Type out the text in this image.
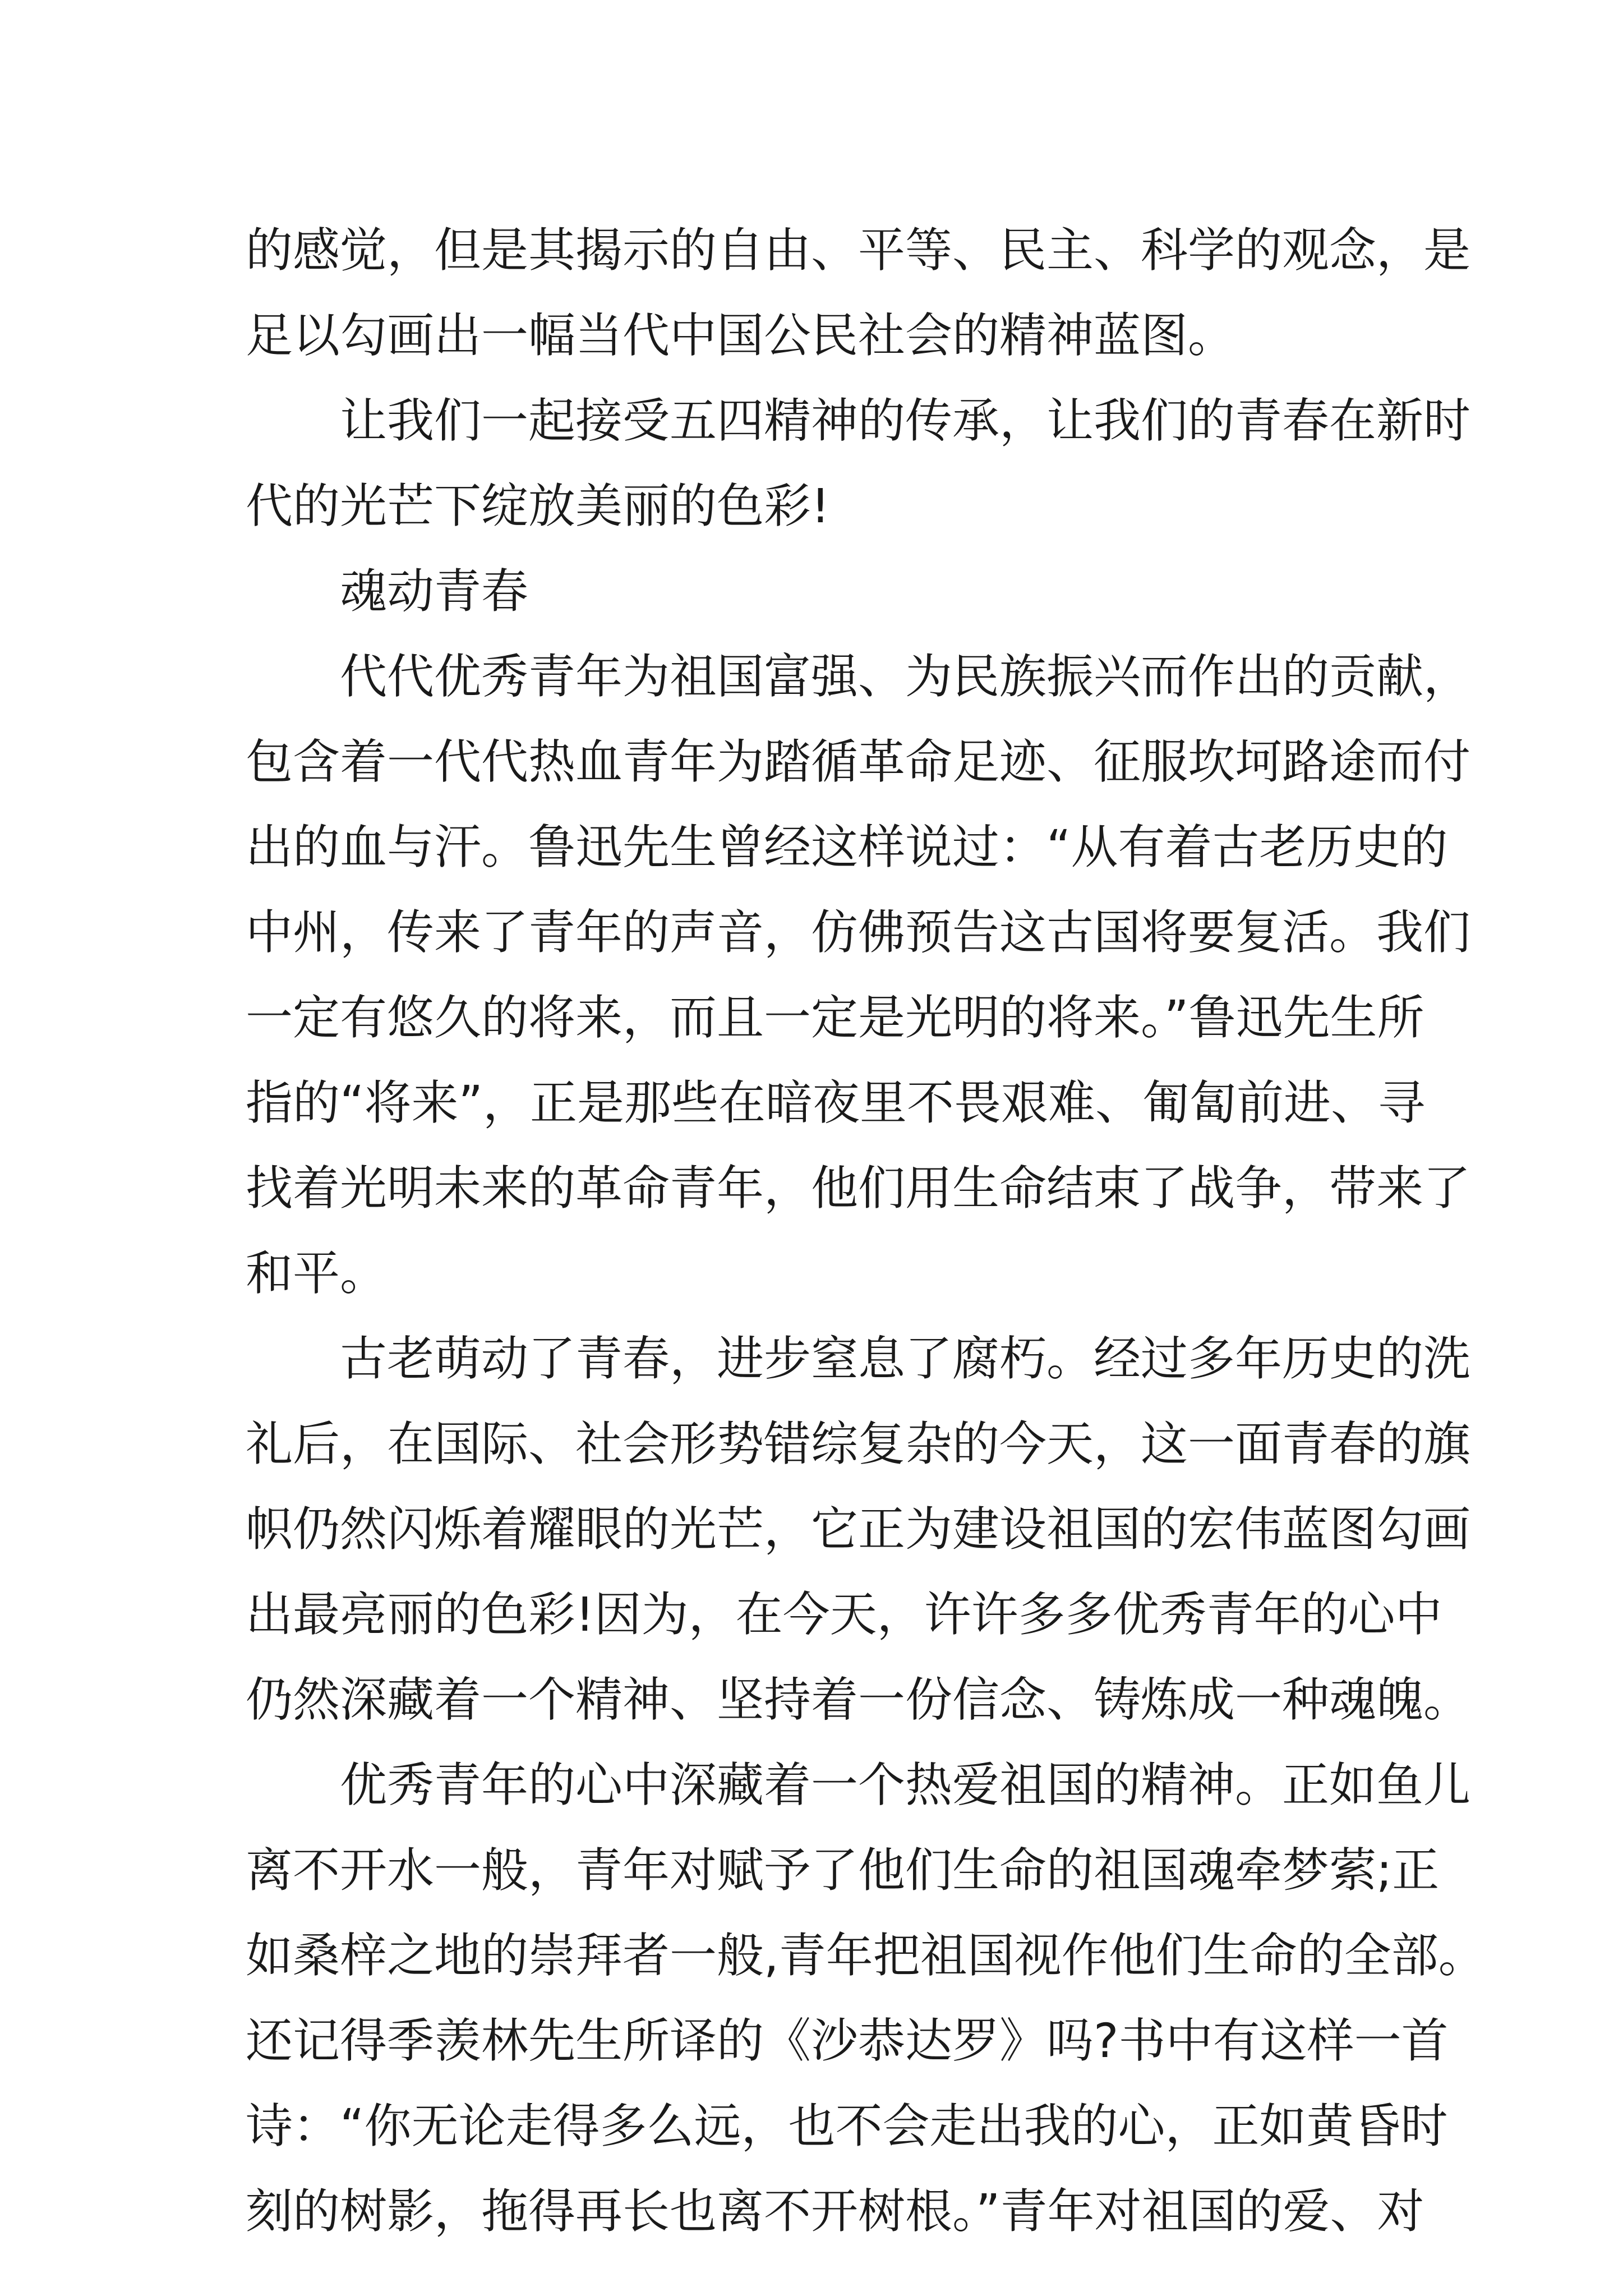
的感觉，但是其揭示的自由、平等、民主、科学的观念，是
足以勾画出一幅当代中国公民社会的精神蓝图。
让我们一起接受五四精神的传承，让我们的青春在新时
代的光芒下绽放美丽的色彩!
魂动青春
代代优秀青年为祖国富强、为民族振兴而作出的贡献，
包含着一代代热血青年为踏循革命足迹、征服坎坷路途而付
出的血与汗。鲁迅先生曾经这样说过：“从有着古老历史的
中州，传来了青年的声音，仿佛预告这古国将要复活。我们
一定有悠久的将来，而且一定是光明的将来。”鲁迅先生所
指的“将来”，正是那些在暗夜里不畏艰难、匍匐前进、寻
找着光明未来的革命青年，他们用生命结束了战争，带来了
和平。
古老萌动了青春，进步窒息了腐朽。经过多年历史的洗
礼后，在国际、社会形势错综复杂的今天，这一面青春的旗
帜仍然闪烁着耀眼的光芒，它正为建设祖国的宏伟蓝图勾画
出最亮丽的色彩!因为，在今天，许许多多优秀青年的心中
仍然深藏着一个精神、坚持着一份信念、铸炼成一种魂魄。
优秀青年的心中深藏着一个热爱祖国的精神。正如鱼儿
离不开水一般，青年对赋予了他们生命的祖国魂牵梦萦;正
如桑梓之地的崇拜者一般,青年把祖国视作他们生命的全部。
还记得季羡林先生所译的《沙恭达罗》吗?书中有这样一首
诗：“你无论走得多么远，也不会走出我的心，正如黄昏时
刻的树影，拖得再长也离不开树根。”青年对祖国的爱、对
